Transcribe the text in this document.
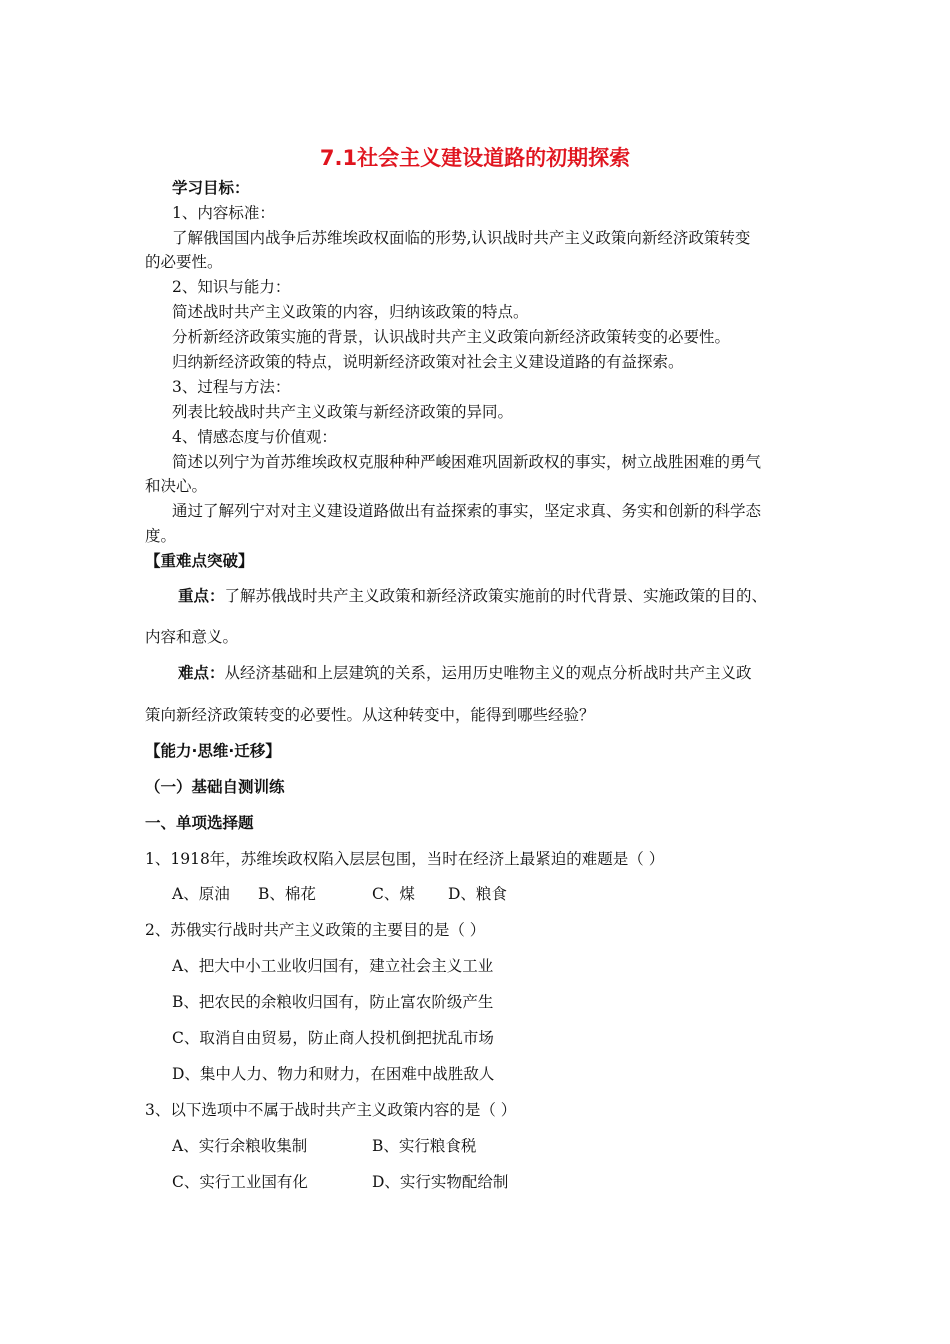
7.1社会主义建设道路的初期探索
学习目标：
1、内容标准：
了解俄国国内战争后苏维埃政权面临的形势,认识战时共产主义政策向新经济政策转变
的必要性。
2、知识与能力：
简述战时共产主义政策的内容，归纳该政策的特点。
分析新经济政策实施的背景，认识战时共产主义政策向新经济政策转变的必要性。
归纳新经济政策的特点，说明新经济政策对社会主义建设道路的有益探索。
3、过程与方法：
列表比较战时共产主义政策与新经济政策的异同。
4、情感态度与价值观：
简述以列宁为首苏维埃政权克服种种严峻困难巩固新政权的事实，树立战胜困难的勇气
和决心。
通过了解列宁对对主义建设道路做出有益探索的事实，坚定求真、务实和创新的科学态
度。
【重难点突破】
重点：了解苏俄战时共产主义政策和新经济政策实施前的时代背景、实施政策的目的、
内容和意义。
难点：从经济基础和上层建筑的关系，运用历史唯物主义的观点分析战时共产主义政
策向新经济政策转变的必要性。从这种转变中，能得到哪些经验？
【能力·思维·迁移】
（一）基础自测训练
一、单项选择题
1、1918年，苏维埃政权陷入层层包围，当时在经济上最紧迫的难题是（ ）
A、原油 B、棉花	C、煤 D、粮食
2、苏俄实行战时共产主义政策的主要目的是（ ）
A、把大中小工业收归国有，建立社会主义工业
B、把农民的余粮收归国有，防止富农阶级产生
C、取消自由贸易，防止商人投机倒把扰乱市场
D、集中人力、物力和财力，在困难中战胜敌人
3、以下选项中不属于战时共产主义政策内容的是（ ）
A、实行余粮收集制	B、实行粮食税
C、实行工业国有化	D、实行实物配给制
